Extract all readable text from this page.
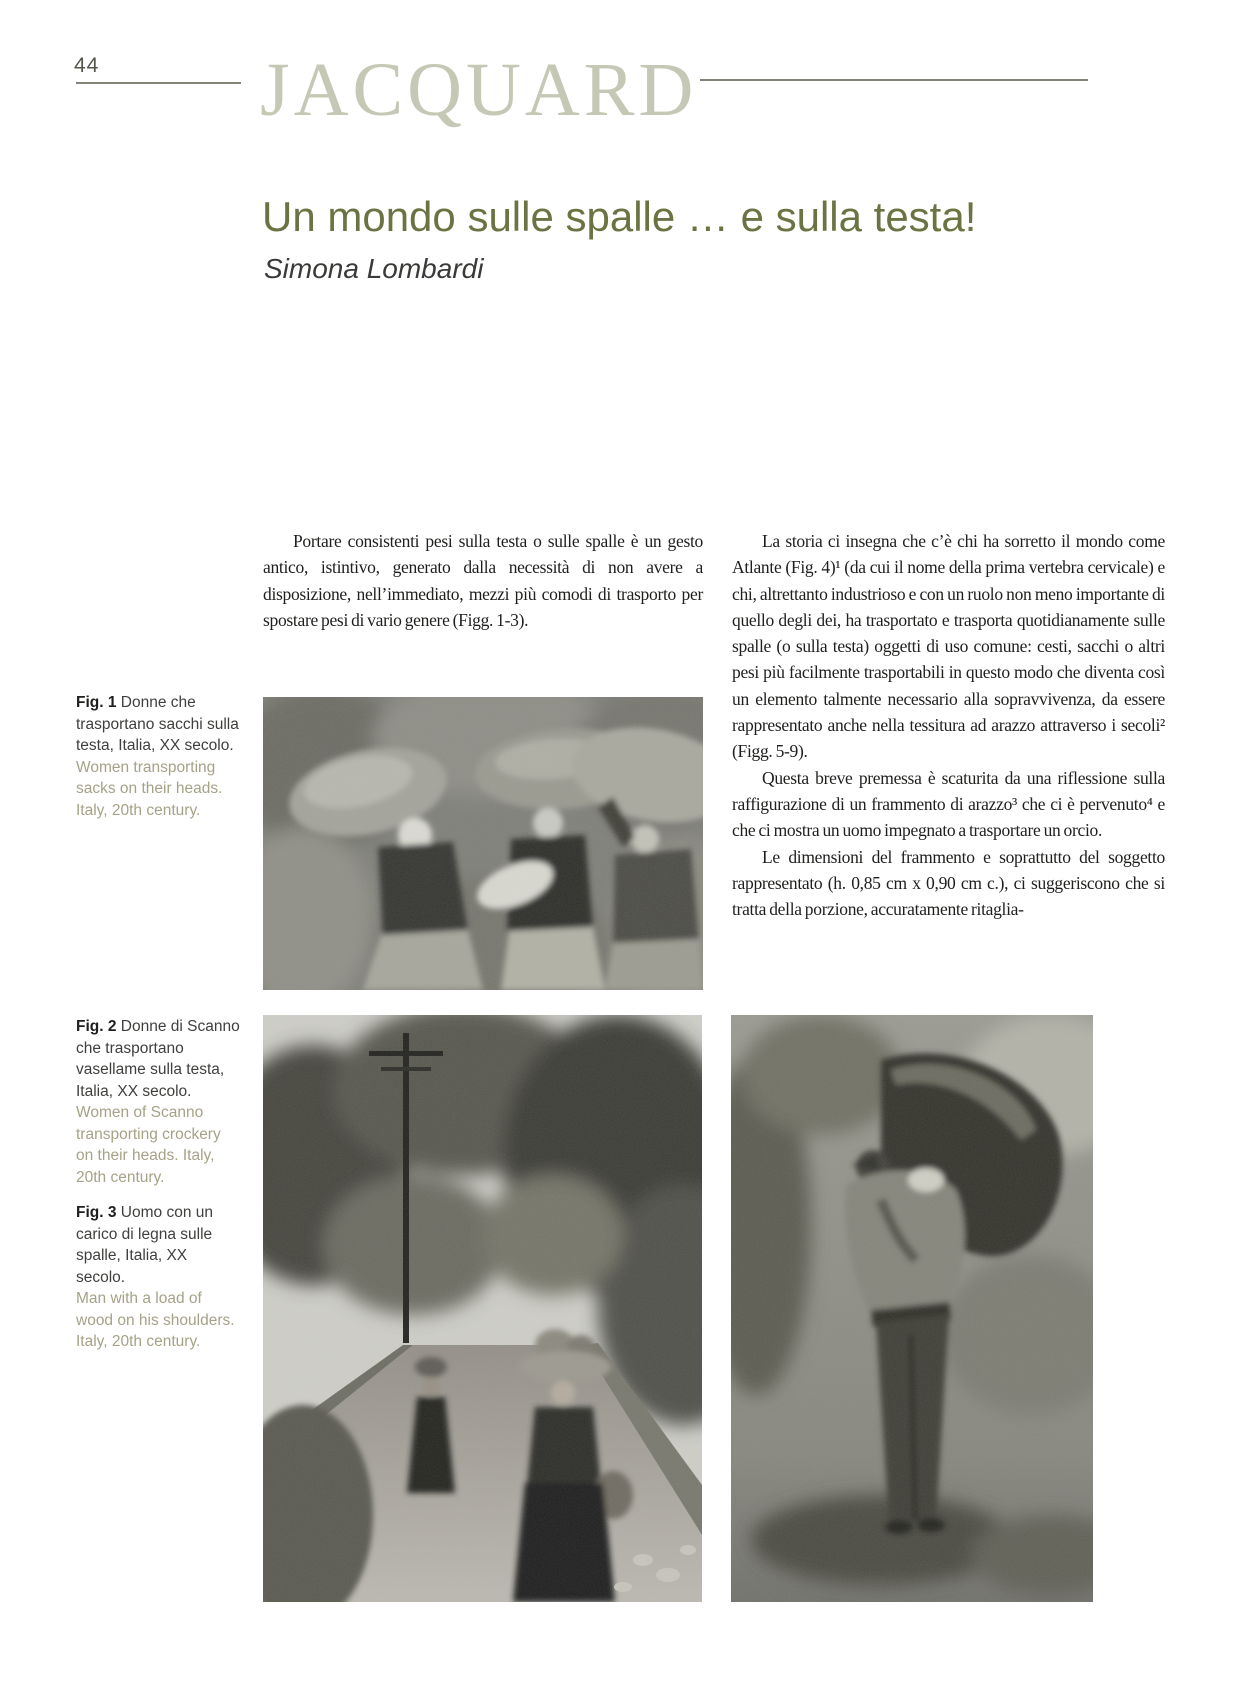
44 JACQUARD
Un mondo sulle spalle … e sulla testa!
Simona Lombardi

Portare consistenti pesi sulla testa o sulle spalle è un gesto antico, istintivo, generato dalla necessità di non avere a disposizione, nell’immediato, mezzi più comodi di trasporto per spostare pesi di vario genere (Figg. 1-3).

La storia ci insegna che c’è chi ha sorretto il mondo come Atlante (Fig. 4)¹ (da cui il nome della prima vertebra cervicale) e chi, altrettanto industrioso e con un ruolo non meno importante di quello degli dei, ha trasportato e trasporta quotidianamente sulle spalle (o sulla testa) oggetti di uso comune: cesti, sacchi o altri pesi più facilmente trasportabili in questo modo che diventa così un elemento talmente necessario alla sopravvivenza, da essere rappresentato anche nella tessitura ad arazzo attraverso i secoli² (Figg. 5-9).

Questa breve premessa è scaturita da una riflessione sulla raffigurazione di un frammento di arazzo³ che ci è pervenuto⁴ e che ci mostra un uomo impegnato a trasportare un orcio.

Le dimensioni del frammento e soprattutto del soggetto rappresentato (h. 0,85 cm x 0,90 cm c.), ci suggeriscono che si tratta della porzione, accuratamente ritaglia-

Fig. 1 Donne che trasportano sacchi sulla testa, Italia, XX secolo.

Women transporting sacks on their heads. Italy, 20th century.

Fig. 2 Donne di Scanno che trasportano vasellame sulla testa, Italia, XX secolo.

Women of Scanno transporting crockery on their heads. Italy, 20th century.

Fig. 3 Uomo con un carico di legna sulle spalle, Italia, XX secolo.

Man with a load of wood on his shoulders. Italy, 20th century.
